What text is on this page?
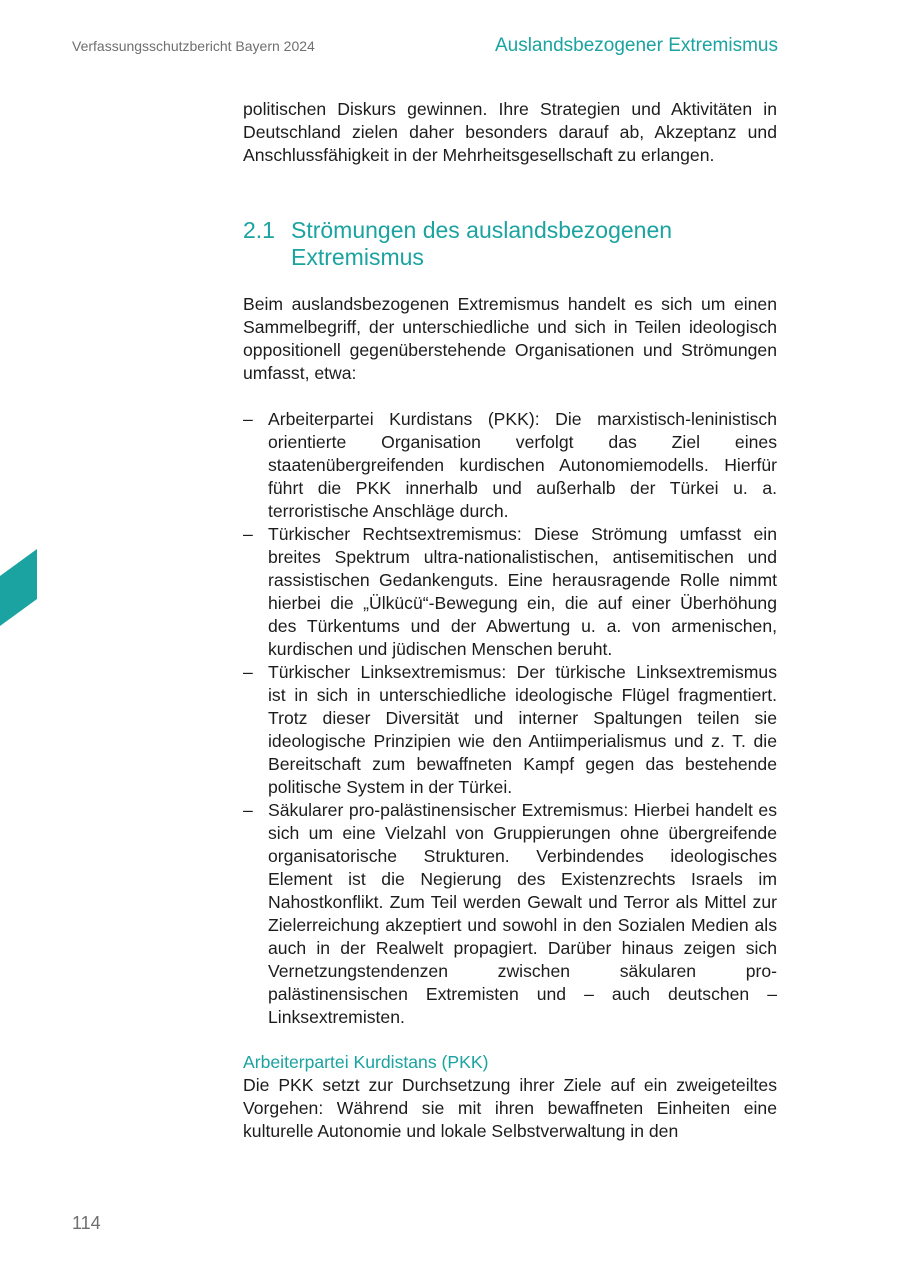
Verfassungsschutzbericht Bayern 2024	Auslandsbezogener Extremismus

politischen Diskurs gewinnen. Ihre Strategien und Aktivitäten in Deutschland zielen daher besonders darauf ab, Akzeptanz und Anschlussfähigkeit in der Mehrheitsgesellschaft zu erlangen.

2.1 Strömungen des auslandsbezogenen Extremismus

Beim auslandsbezogenen Extremismus handelt es sich um einen Sammelbegriff, der unterschiedliche und sich in Teilen ideologisch oppositionell gegenüberstehende Organisationen und Strömungen umfasst, etwa:

– Arbeiterpartei Kurdistans (PKK): Die marxistisch-leninistisch orientierte Organisation verfolgt das Ziel eines staatenübergreifenden kurdischen Autonomiemodells. Hierfür führt die PKK innerhalb und außerhalb der Türkei u. a. terroristische Anschläge durch.
– Türkischer Rechtsextremismus: Diese Strömung umfasst ein breites Spektrum ultra-nationalistischen, antisemitischen und rassistischen Gedankenguts. Eine herausragende Rolle nimmt hierbei die „Ülkücü“-Bewegung ein, die auf einer Überhöhung des Türkentums und der Abwertung u. a. von armenischen, kurdischen und jüdischen Menschen beruht.
– Türkischer Linksextremismus: Der türkische Linksextremismus ist in sich in unterschiedliche ideologische Flügel fragmentiert. Trotz dieser Diversität und interner Spaltungen teilen sie ideologische Prinzipien wie den Antiimperialismus und z. T. die Bereitschaft zum bewaffneten Kampf gegen das bestehende politische System in der Türkei.
– Säkularer pro-palästinensischer Extremismus: Hierbei handelt es sich um eine Vielzahl von Gruppierungen ohne übergreifende organisatorische Strukturen. Verbindendes ideologisches Element ist die Negierung des Existenzrechts Israels im Nahostkonflikt. Zum Teil werden Gewalt und Terror als Mittel zur Zielerreichung akzeptiert und sowohl in den Sozialen Medien als auch in der Realwelt propagiert. Darüber hinaus zeigen sich Vernetzungstendenzen zwischen säkularen pro-palästinensischen Extremisten und – auch deutschen – Linksextremisten.
Arbeiterpartei Kurdistans (PKK)

Die PKK setzt zur Durchsetzung ihrer Ziele auf ein zweigeteiltes Vorgehen: Während sie mit ihren bewaffneten Einheiten eine kulturelle Autonomie und lokale Selbstverwaltung in den

114
